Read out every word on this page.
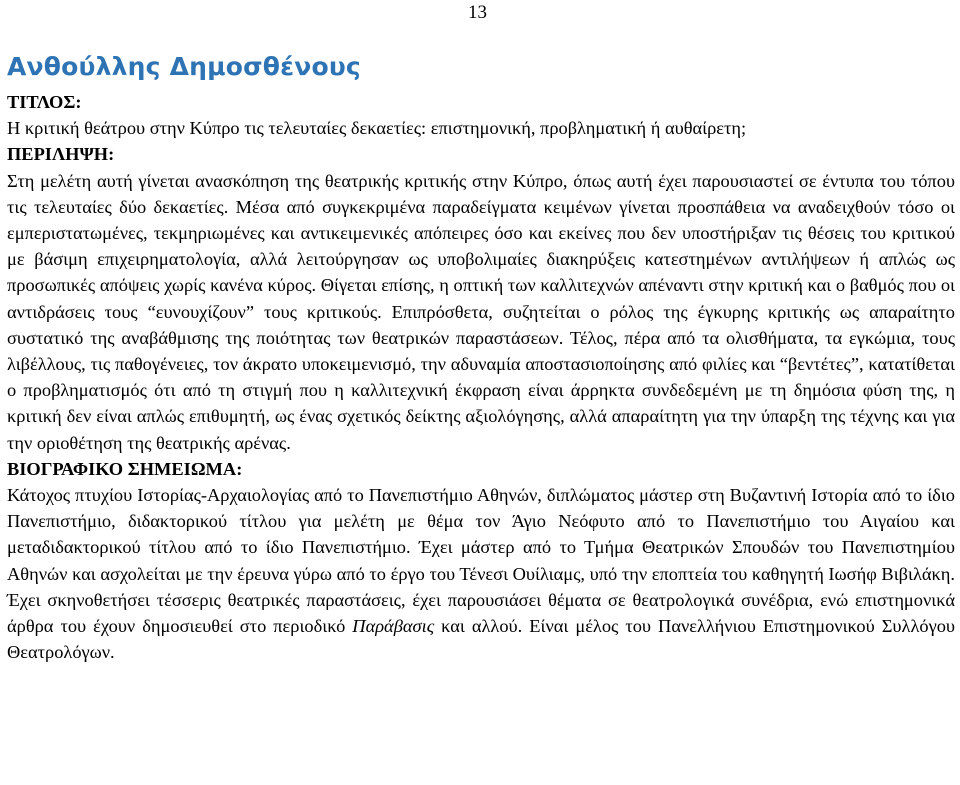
13
Ανθούλλης Δημοσθένους

ΤΙΤΛΟΣ:

Η κριτική θεάτρου στην Κύπρο τις τελευταίες δεκαετίες: επιστημονική, προβληματική ή αυθαίρετη;

ΠΕΡΙΛΗΨΗ:

Στη μελέτη αυτή γίνεται ανασκόπηση της θεατρικής κριτικής στην Κύπρο, όπως αυτή έχει παρουσιαστεί σε έντυπα του τόπου τις τελευταίες δύο δεκαετίες. Μέσα από συγκεκριμένα παραδείγματα κειμένων γίνεται προσπάθεια να αναδειχθούν τόσο οι εμπεριστατωμένες, τεκμηριωμένες και αντικειμενικές απόπειρες όσο και εκείνες που δεν υποστήριξαν τις θέσεις του κριτικού με βάσιμη επιχειρηματολογία, αλλά λειτούργησαν ως υποβολιμαίες διακηρύξεις κατεστημένων αντιλήψεων ή απλώς ως προσωπικές απόψεις χωρίς κανένα κύρος. Θίγεται επίσης, η οπτική των καλλιτεχνών απέναντι στην κριτική και ο βαθμός που οι αντιδράσεις τους “ευνουχίζουν” τους κριτικούς. Επιπρόσθετα, συζητείται ο ρόλος της έγκυρης κριτικής ως απαραίτητο συστατικό της αναβάθμισης της ποιότητας των θεατρικών παραστάσεων. Τέλος, πέρα από τα ολισθήματα, τα εγκώμια, τους λιβέλλους, τις παθογένειες, τον άκρατο υποκειμενισμό, την αδυναμία αποστασιοποίησης από φιλίες και “βεντέτες”, κατατίθεται ο προβληματισμός ότι από τη στιγμή που η καλλιτεχνική έκφραση είναι άρρηκτα συνδεδεμένη με τη δημόσια φύση της, η κριτική δεν είναι απλώς επιθυμητή, ως ένας σχετικός δείκτης αξιολόγησης, αλλά απαραίτητη για την ύπαρξη της τέχνης και για την οριοθέτηση της θεατρικής αρένας.

ΒΙΟΓΡΑΦΙΚΟ ΣΗΜΕΙΩΜΑ:

Κάτοχος πτυχίου Ιστορίας-Αρχαιολογίας από το Πανεπιστήμιο Αθηνών, διπλώματος μάστερ στη Βυζαντινή Ιστορία από το ίδιο Πανεπιστήμιο, διδακτορικού τίτλου για μελέτη με θέμα τον Άγιο Νεόφυτο από το Πανεπιστήμιο του Αιγαίου και μεταδιδακτορικού τίτλου από το ίδιο Πανεπιστήμιο. Έχει μάστερ από το Τμήμα Θεατρικών Σπουδών του Πανεπιστημίου Αθηνών και ασχολείται με την έρευνα γύρω από το έργο του Τένεσι Ουίλιαμς, υπό την εποπτεία του καθηγητή Ιωσήφ Βιβιλάκη. Έχει σκηνοθετήσει τέσσερις θεατρικές παραστάσεις, έχει παρουσιάσει θέματα σε θεατρολογικά συνέδρια, ενώ επιστημονικά άρθρα του έχουν δημοσιευθεί στο περιοδικό Παράβασις και αλλού. Είναι μέλος του Πανελλήνιου Επιστημονικού Συλλόγου Θεατρολόγων.
